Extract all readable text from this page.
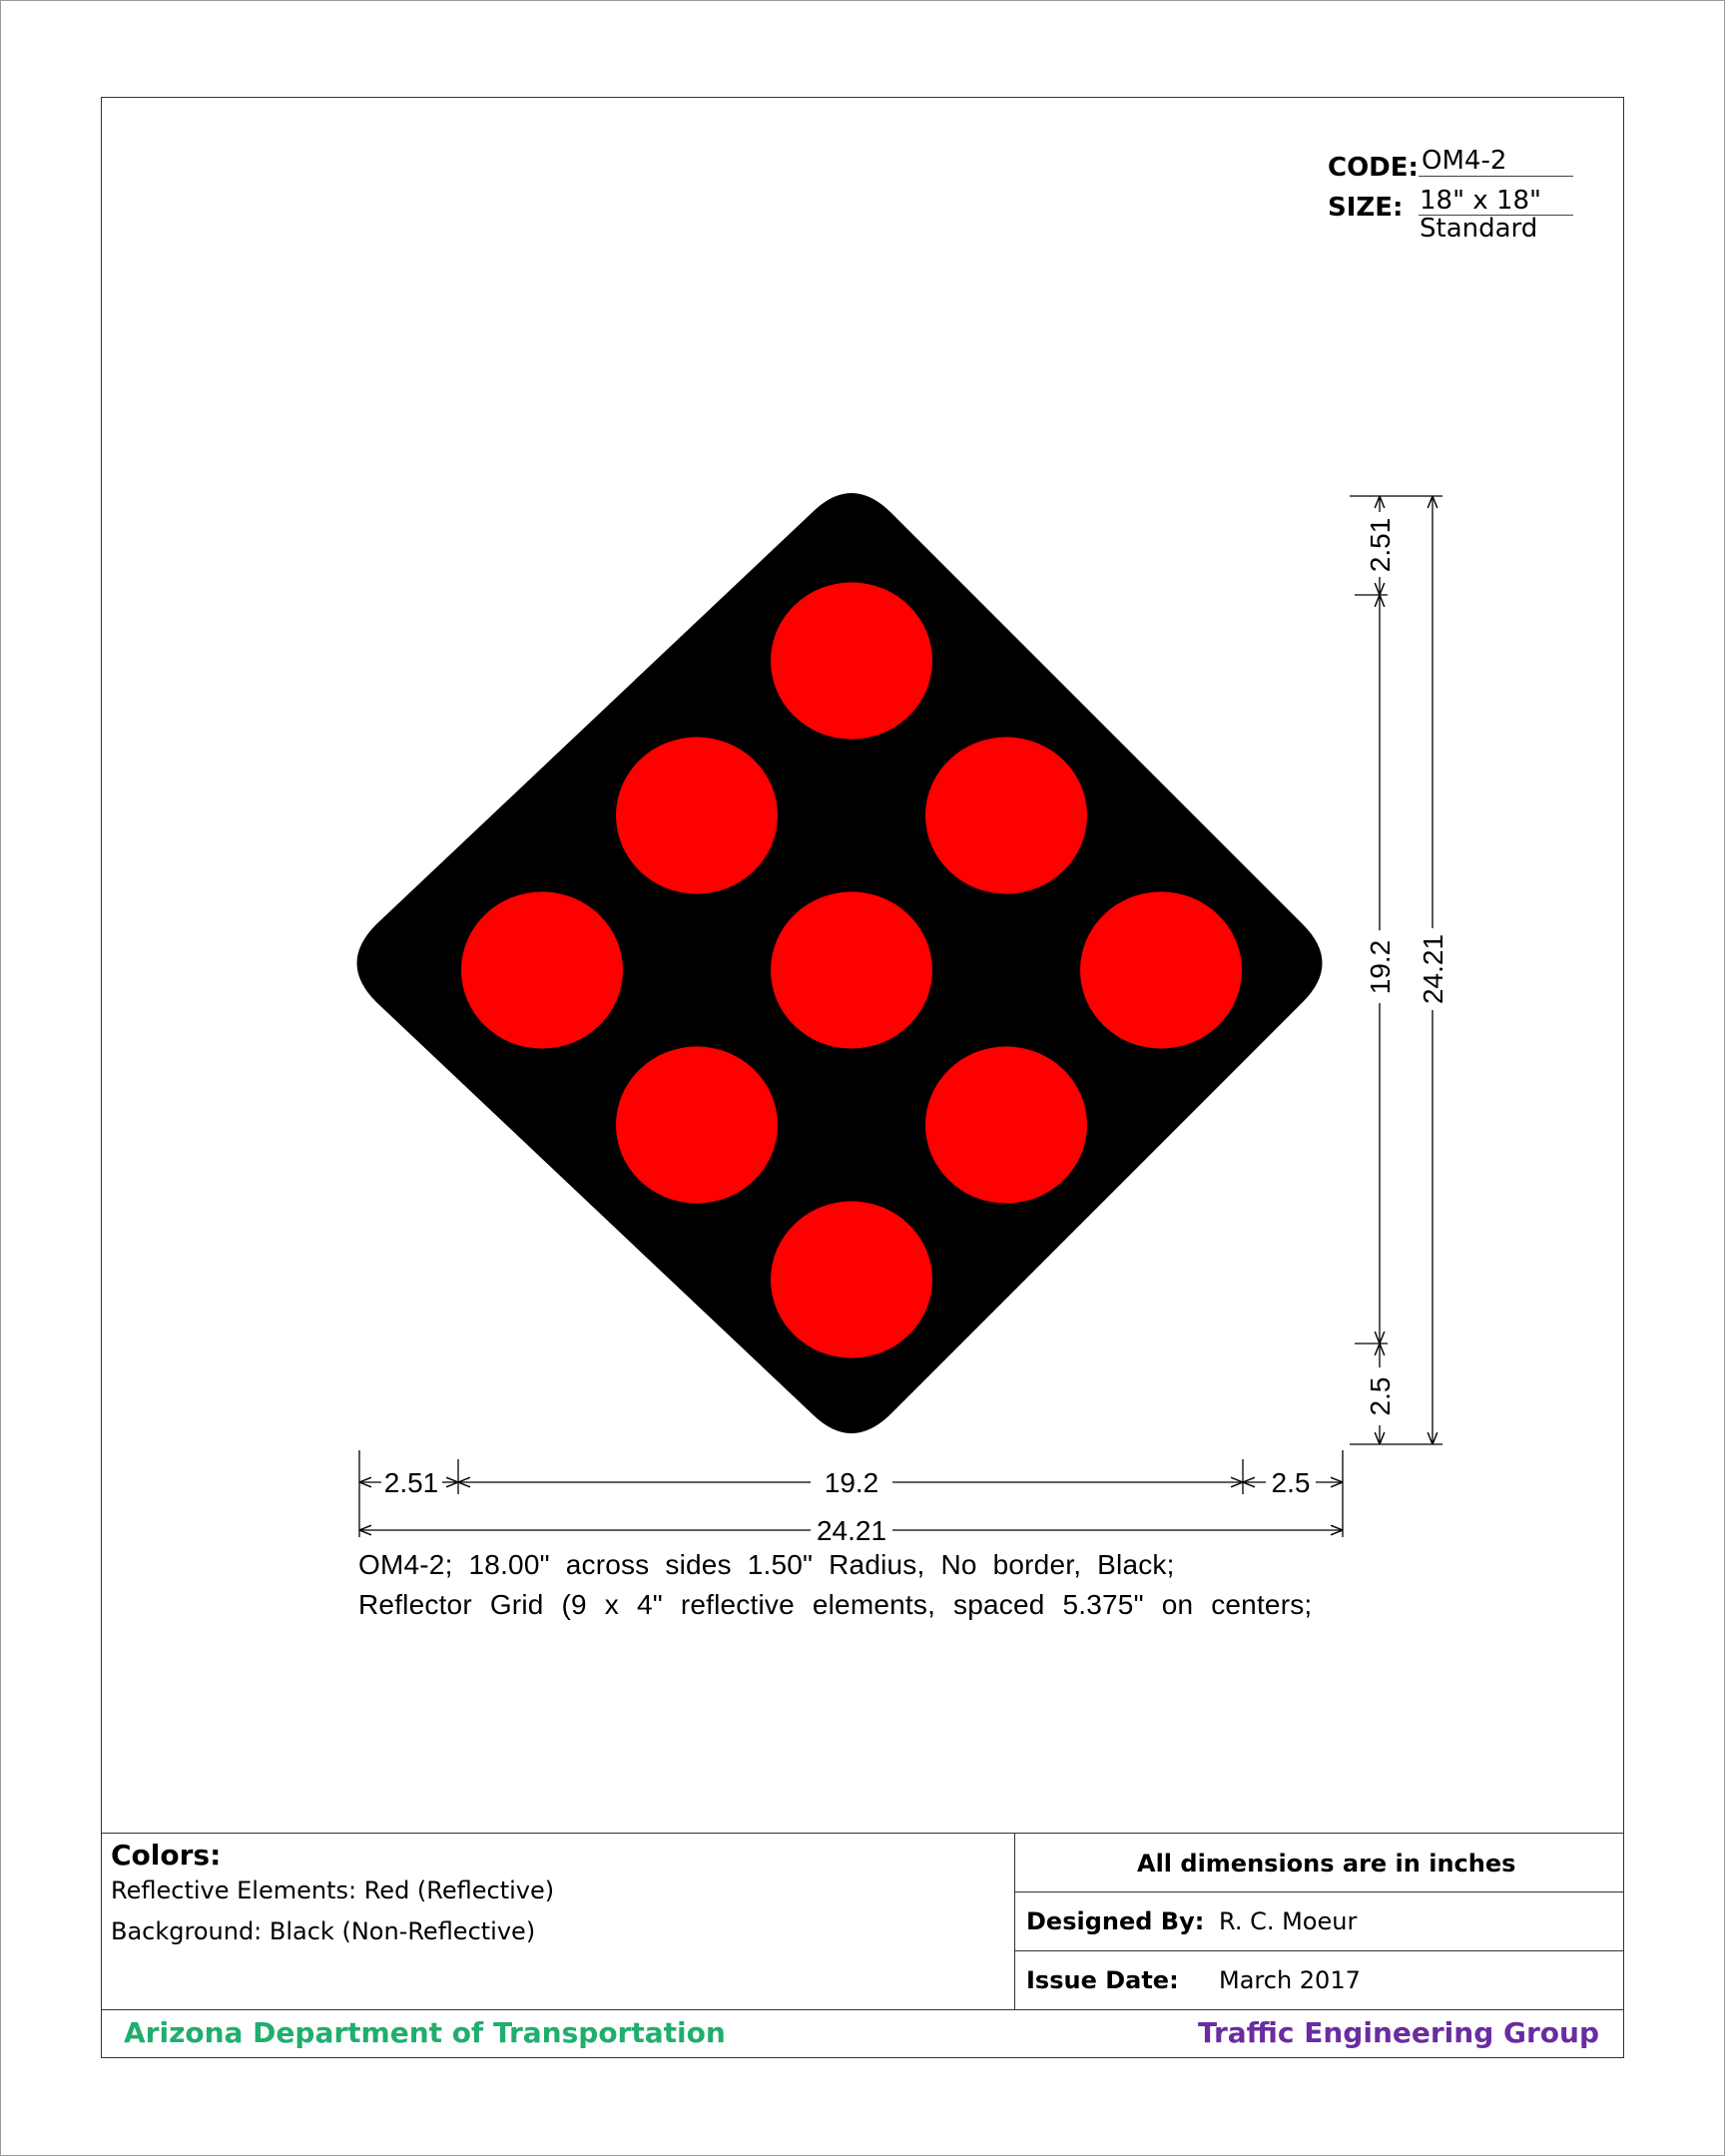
CODE: OM4-2
SIZE: 18" x 18"
Standard
2.51	19.2	2.5
24.21
2.51
19.2
2.5
24.21
OM4-2; 18.00" across sides 1.50" Radius, No border, Black;
Reflector Grid (9 x 4" reflective elements, spaced 5.375" on centers;
Colors:
Reflective Elements: Red (Reflective)
Background: Black (Non-Reflective)
All dimensions are in inches
Designed By: R. C. Moeur
Issue Date: March 2017
Arizona Department of Transportation	Traffic Engineering Group
